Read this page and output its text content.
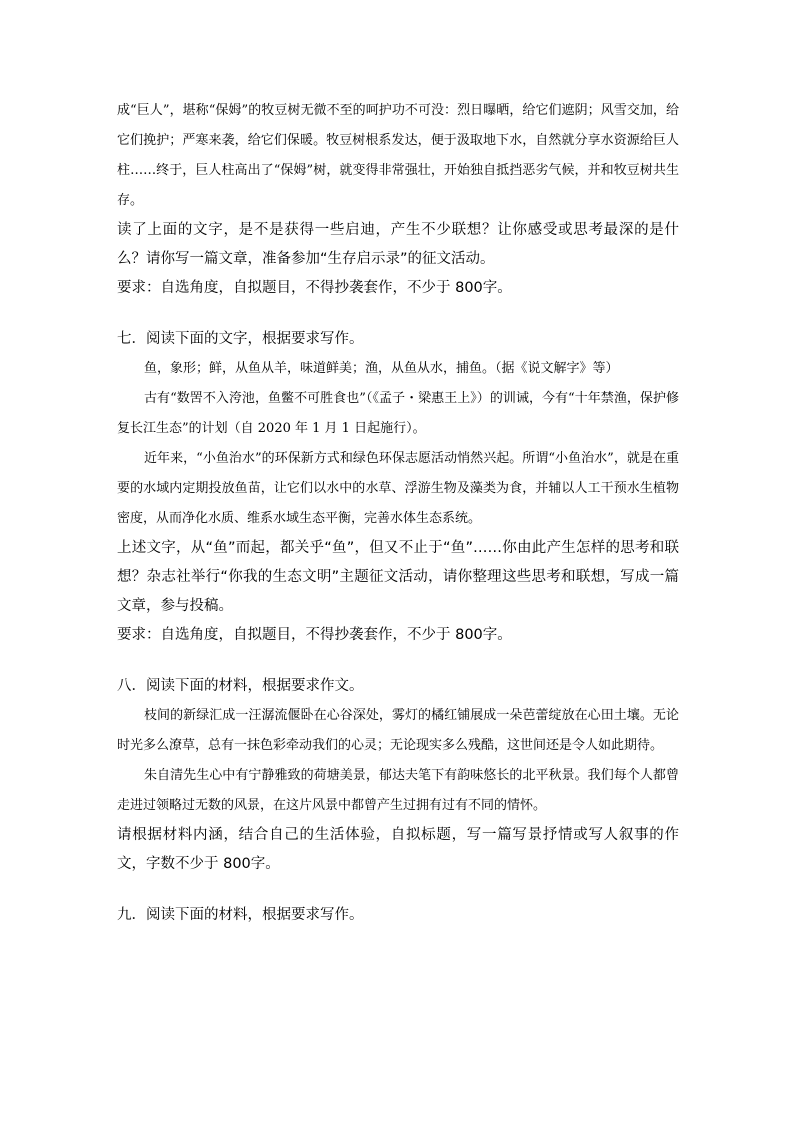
成“巨人”，堪称“保姆”的牧豆树无微不至的呵护功不可没：烈日曝晒，给它们遮阴；风雪交加，给它们挽护；严寒来袭，给它们保暖。牧豆树根系发达，便于汲取地下水，自然就分享水资源给巨人柱……终于，巨人柱高出了“保姆”树，就变得非常强壮，开始独自抵挡恶劣气候，并和牧豆树共生存。

读了上面的文字，是不是获得一些启迪，产生不少联想？让你感受或思考最深的是什么？请你写一篇文章，准备参加“生存启示录”的征文活动。

要求：自选角度，自拟题目，不得抄袭套作，不少于 800字。

七．阅读下面的文字，根据要求写作。

鱼，象形；鲜，从鱼从羊，味道鲜美；渔，从鱼从水，捕鱼。（据《说文解字》等）

古有“数罟不入洿池，鱼鳖不可胜食也”（《孟子・梁惠王上》）的训诫，今有“十年禁渔，保护修复长江生态”的计划（自 2020 年 1 月 1 日起施行）。

近年来，“小鱼治水”的环保新方式和绿色环保志愿活动悄然兴起。所谓“小鱼治水”，就是在重要的水域内定期投放鱼苗，让它们以水中的水草、浮游生物及藻类为食，并辅以人工干预水生植物密度，从而净化水质、维系水域生态平衡，完善水体生态系统。

上述文字，从“鱼”而起，都关乎“鱼”，但又不止于“鱼”……你由此产生怎样的思考和联想？杂志社举行“你我的生态文明”主题征文活动，请你整理这些思考和联想，写成一篇文章，参与投稿。

要求：自选角度，自拟题目，不得抄袭套作，不少于 800字。

八．阅读下面的材料，根据要求作文。

枝间的新绿汇成一汪潺流偃卧在心谷深处，雾灯的橘红铺展成一朵芭蕾绽放在心田土壤。无论时光多么潦草，总有一抹色彩牵动我们的心灵；无论现实多么残酷，这世间还是令人如此期待。

朱自清先生心中有宁静雅致的荷塘美景，郁达夫笔下有韵味悠长的北平秋景。我们每个人都曾走进过领略过无数的风景，在这片风景中都曾产生过拥有过有不同的情怀。

请根据材料内涵，结合自己的生活体验，自拟标题，写一篇写景抒情或写人叙事的作文，字数不少于 800字。

九．阅读下面的材料，根据要求写作。
